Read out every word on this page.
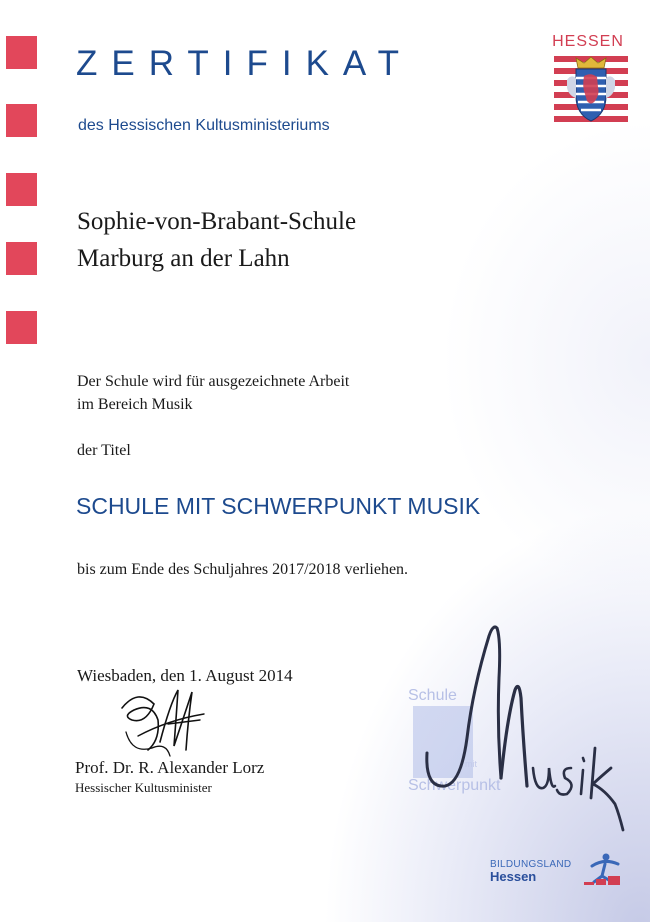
ZERTIFIKAT
des Hessischen Kultusministeriums
HESSEN
Sophie-von-Brabant-Schule
Marburg an der Lahn
Der Schule wird für ausgezeichnete Arbeit
im Bereich Musik
der Titel
SCHULE MIT SCHWERPUNKT MUSIK
bis zum Ende des Schuljahres 2017/2018 verliehen.
Wiesbaden, den 1. August 2014
Prof. Dr. R. Alexander Lorz
Hessischer Kultusminister
Schule
mit
Schwerpunkt
BILDUNGSLAND
Hessen
